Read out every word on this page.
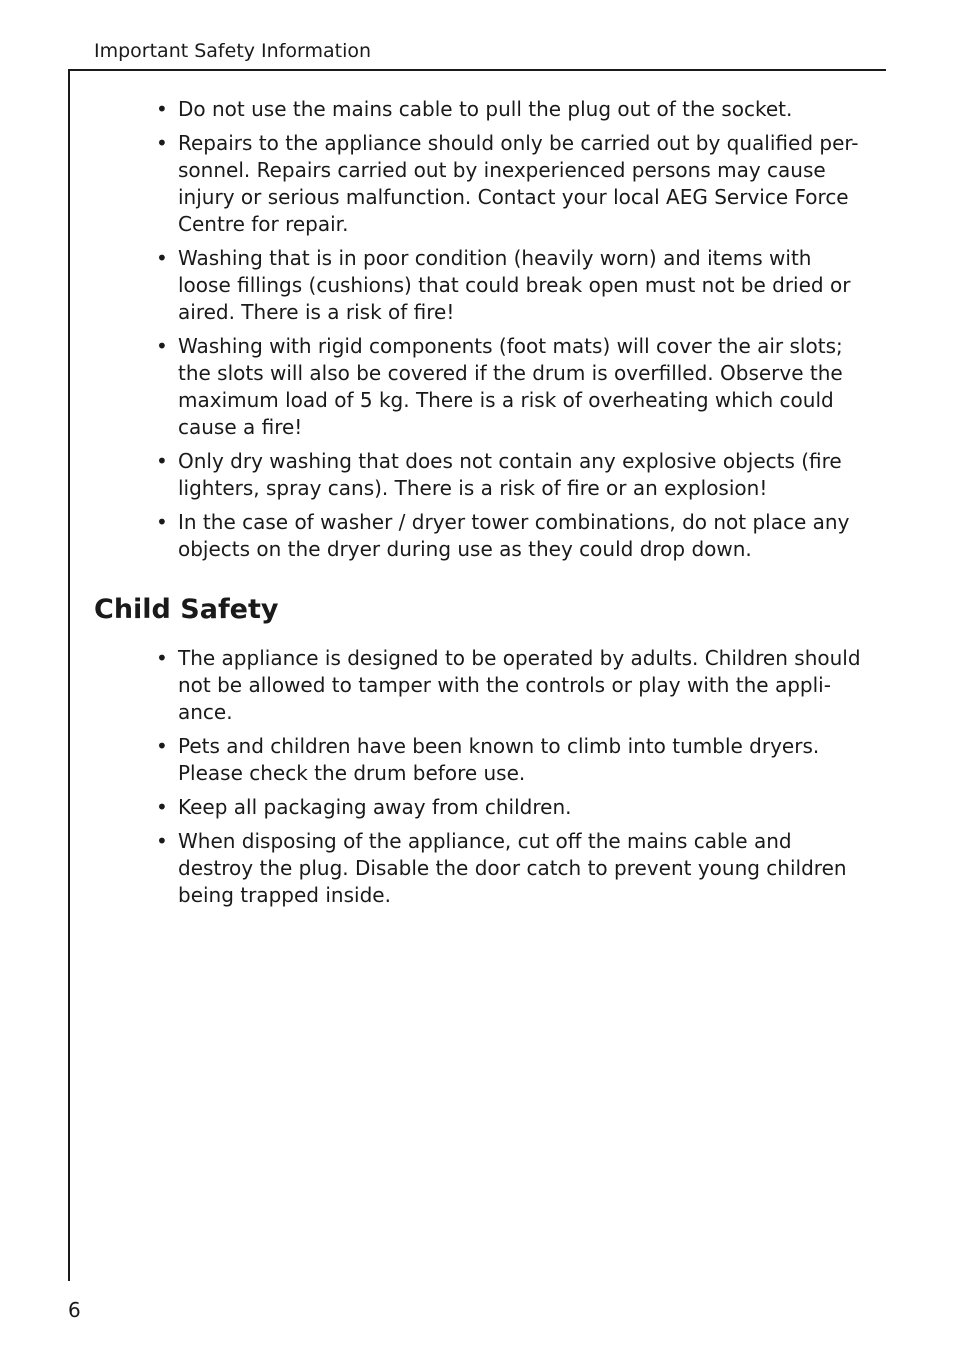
Important Safety Information
• Do not use the mains cable to pull the plug out of the socket.
• Repairs to the appliance should only be carried out by qualified per-sonnel. Repairs carried out by inexperienced persons may cause injury or serious malfunction. Contact your local AEG Service Force Centre for repair.
• Washing that is in poor condition (heavily worn) and items with loose fillings (cushions) that could break open must not be dried or aired. There is a risk of fire!
• Washing with rigid components (foot mats) will cover the air slots; the slots will also be covered if the drum is overfilled. Observe the maximum load of 5 kg. There is a risk of overheating which could cause a fire!
• Only dry washing that does not contain any explosive objects (fire lighters, spray cans). There is a risk of fire or an explosion!
• In the case of washer / dryer tower combinations, do not place any objects on the dryer during use as they could drop down.
Child Safety
• The appliance is designed to be operated by adults. Children should not be allowed to tamper with the controls or play with the appli-ance.
• Pets and children have been known to climb into tumble dryers. Please check the drum before use.
• Keep all packaging away from children.
• When disposing of the appliance, cut off the mains cable and destroy the plug. Disable the door catch to prevent young children being trapped inside.
6
